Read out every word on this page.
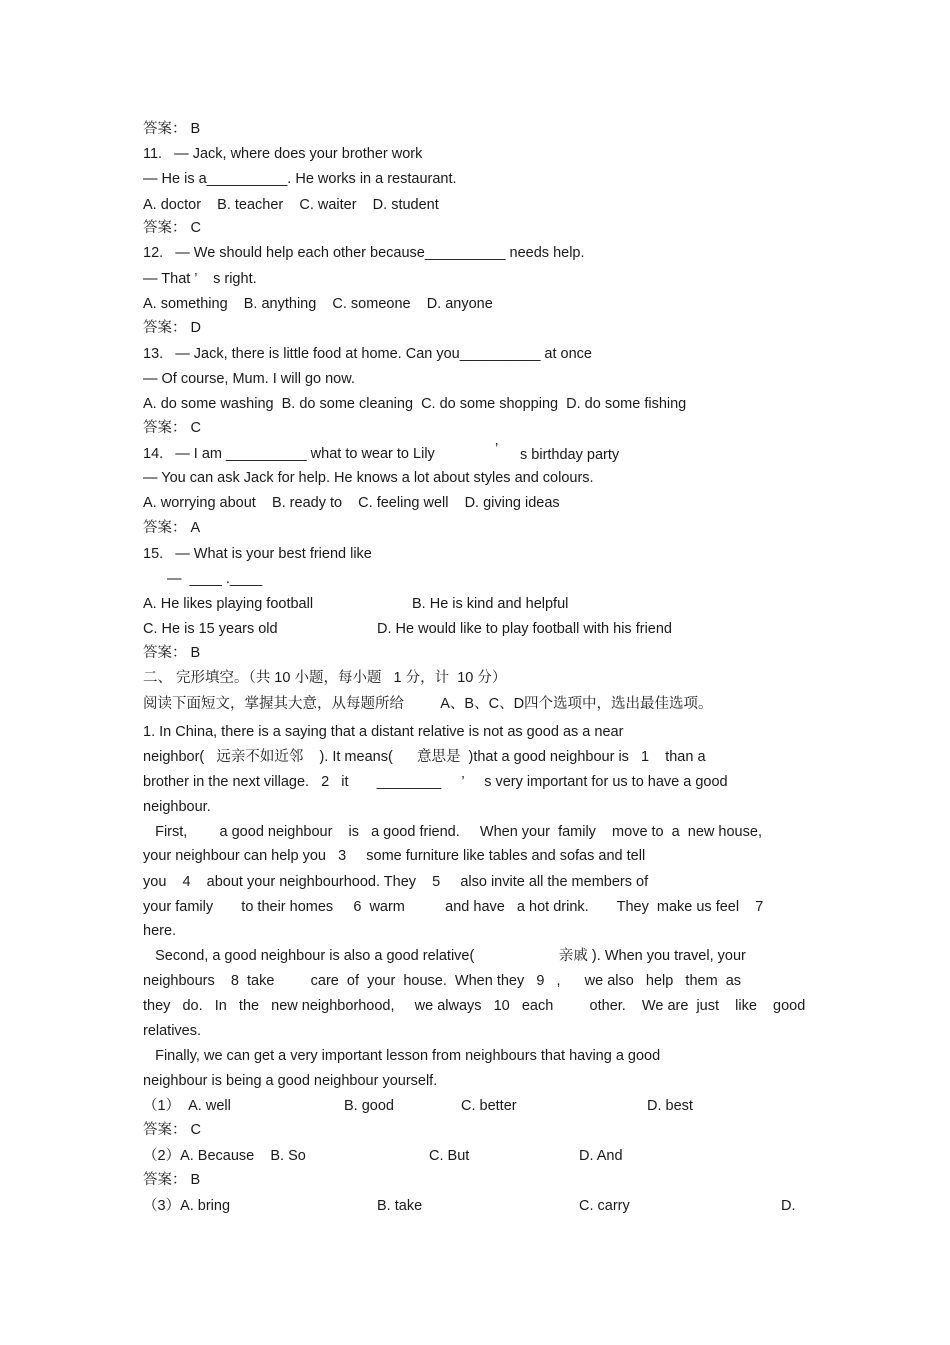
答案： B
11.   — Jack, where does your brother work
— He is a__________. He works in a restaurant.
A. doctor    B. teacher    C. waiter    D. student
答案： C
12.   — We should help each other because__________ needs help.
— That ’    s right.
A. something    B. anything    C. someone    D. anyone
答案： D
13.   — Jack, there is little food at home. Can you__________ at once
— Of course, Mum. I will go now.
A. do some washing  B. do some cleaning  C. do some shopping  D. do some fishing
答案： C
14.   — I am __________ what to wear to Lily	’ s birthday party
— You can ask Jack for help. He knows a lot about styles and colours.
A. worrying about    B. ready to    C. feeling well    D. giving ideas
答案： A
15.   — What is your best friend like
—  ____ .____
A. He likes playing football	B. He is kind and helpful
C. He is 15 years old	D. He would like to play football with his friend
答案： B
二、 完形填空。（共 10 小题，每小题   1 分，计  10 分）
阅读下面短文，掌握其大意，从每题所给         A、B、C、D四个选项中，选出最佳选项。
1. In China, there is a saying that a distant relative is not as good as a near
neighbor(   远亲不如近邻    ). It means(      意思是  )that a good neighbour is   1    than a
brother in the next village.   2   it       ________     ’     s very important for us to have a good
neighbour.
First,        a good neighbour    is   a good friend.     When your  family    move to  a  new house,
your neighbour can help you   3     some furniture like tables and sofas and tell
you    4    about your neighbourhood. They    5     also invite all the members of
your family       to their homes     6  warm          and have   a hot drink.       They  make us feel    7
here.
Second, a good neighbour is also a good relative(                     亲戚 ). When you travel, your
neighbours    8  take         care  of  your  house.  When they   9   ,      we also   help   them  as
they   do.   In   the   new neighborhood,     we always   10   each         other.    We are  just    like    good
relatives.
Finally, we can get a very important lesson from neighbours that having a good
neighbour is being a good neighbour yourself.
（1）  A. well	B. good	C. better	D. best
答案： C
（2）A. Because    B. So	C. But	D. And
答案： B
（3）A. bring	B. take	C. carry	D.
